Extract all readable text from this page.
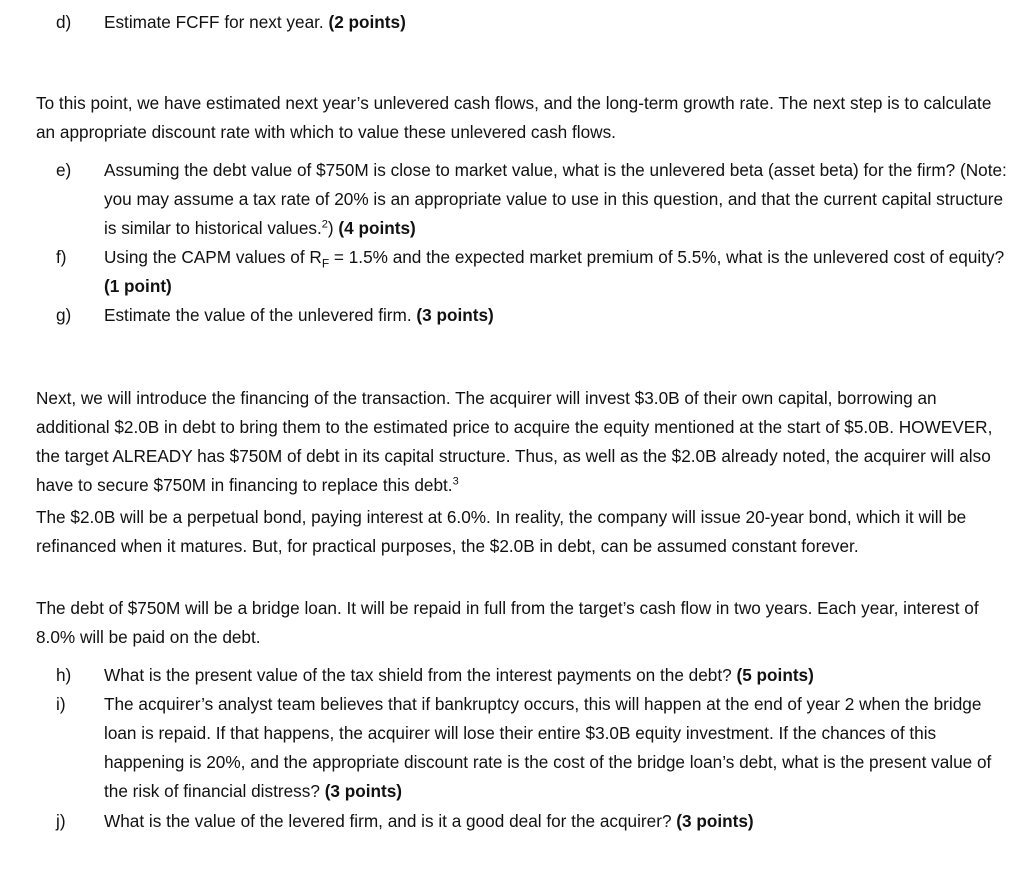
d)	Estimate FCFF for next year. (2 points)
To this point, we have estimated next year’s unlevered cash flows, and the long-term growth rate. The next step is to calculate an appropriate discount rate with which to value these unlevered cash flows.
e)	Assuming the debt value of $750M is close to market value, what is the unlevered beta (asset beta) for the firm? (Note: you may assume a tax rate of 20% is an appropriate value to use in this question, and that the current capital structure is similar to historical values.$^2$) (4 points)
f)	Using the CAPM values of $R_F = 1.5\%$ and the expected market premium of 5.5%, what is the unlevered cost of equity? (1 point)
g)	Estimate the value of the unlevered firm. (3 points)
Next, we will introduce the financing of the transaction. The acquirer will invest $3.0B of their own capital, borrowing an additional $2.0B in debt to bring them to the estimated price to acquire the equity mentioned at the start of $5.0B. HOWEVER, the target ALREADY has $750M of debt in its capital structure. Thus, as well as the $2.0B already noted, the acquirer will also have to secure $750M in financing to replace this debt.$^3$
The $2.0B will be a perpetual bond, paying interest at 6.0%. In reality, the company will issue 20-year bond, which it will be refinanced when it matures. But, for practical purposes, the $2.0B in debt, can be assumed constant forever.
The debt of $750M will be a bridge loan. It will be repaid in full from the target’s cash flow in two years. Each year, interest of 8.0% will be paid on the debt.
h)	What is the present value of the tax shield from the interest payments on the debt? (5 points)
i)	The acquirer’s analyst team believes that if bankruptcy occurs, this will happen at the end of year 2 when the bridge loan is repaid. If that happens, the acquirer will lose their entire $3.0B equity investment. If the chances of this happening is 20%, and the appropriate discount rate is the cost of the bridge loan’s debt, what is the present value of the risk of financial distress? (3 points)
j)	What is the value of the levered firm, and is it a good deal for the acquirer? (3 points)
